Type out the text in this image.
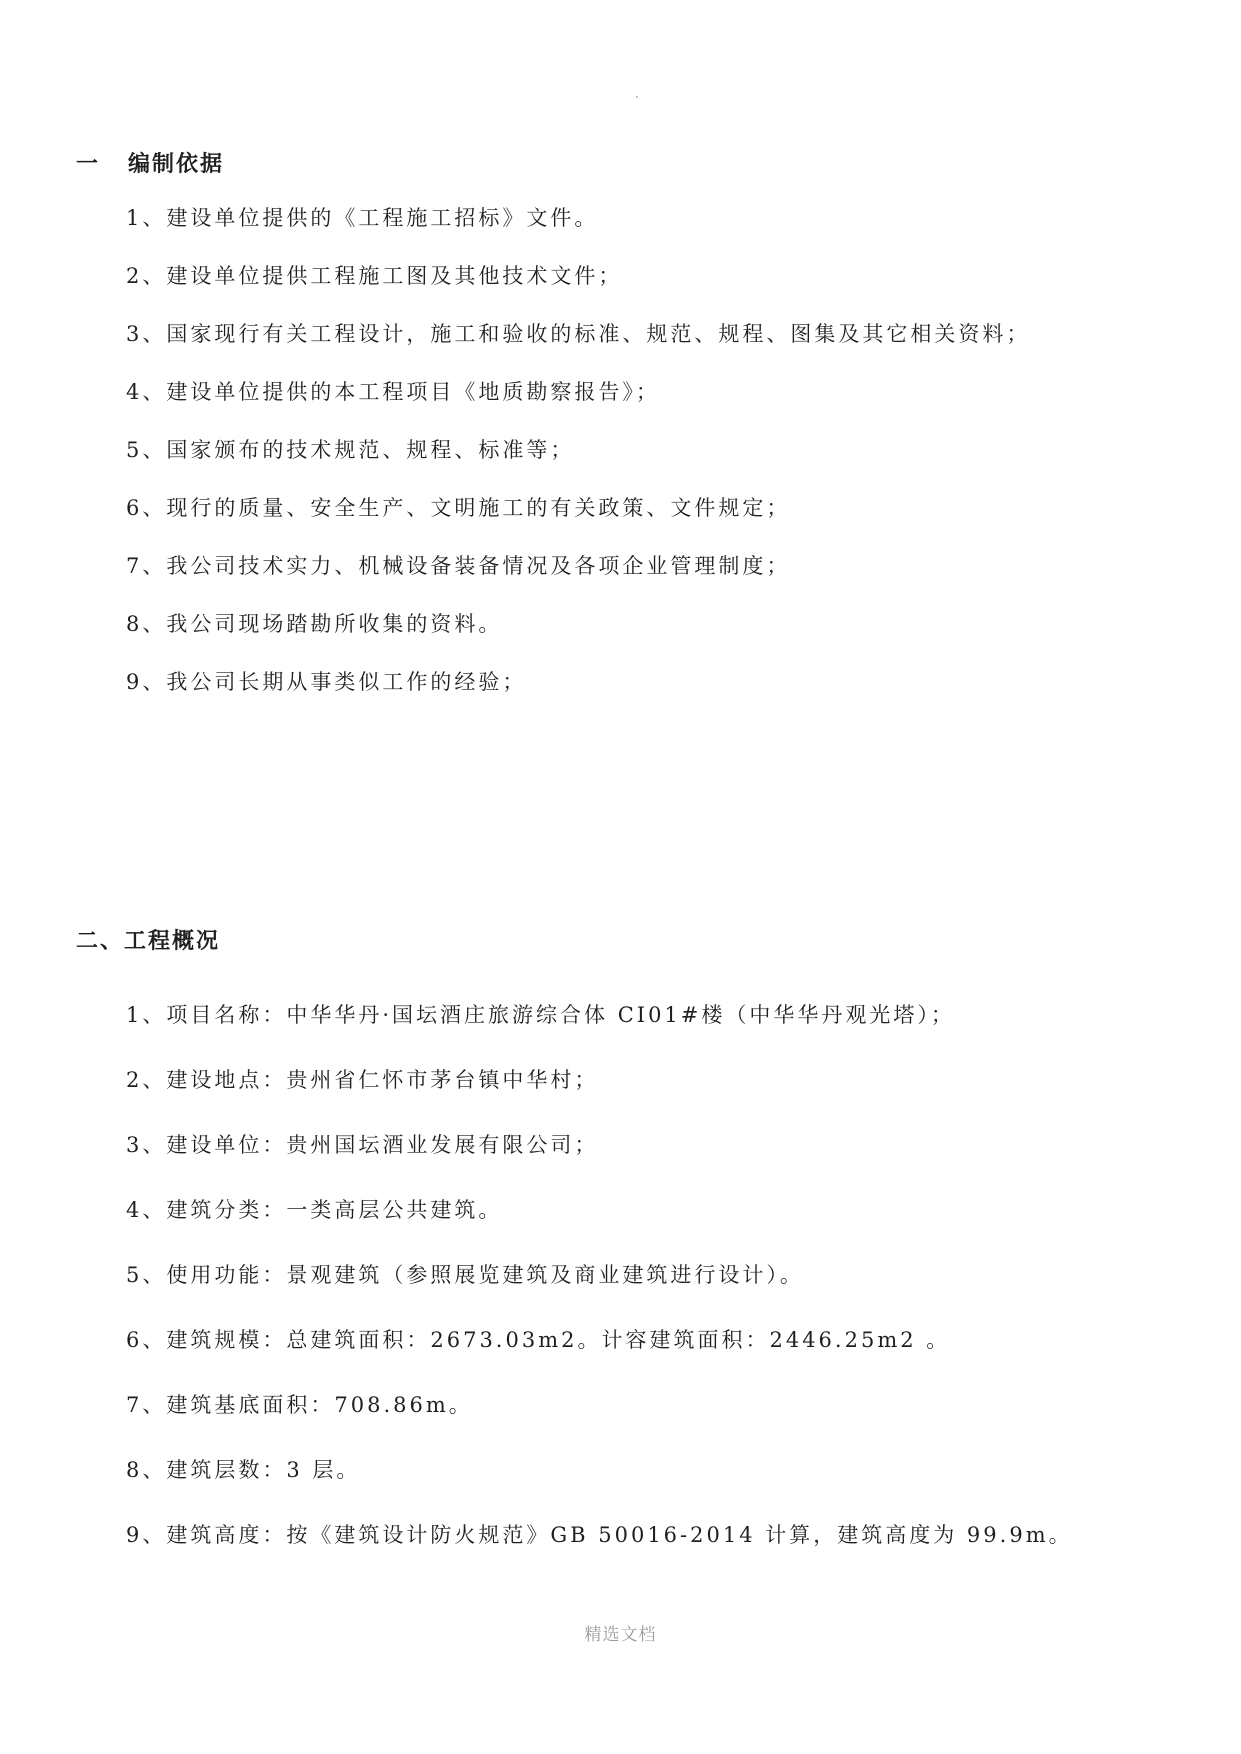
一 编制依据
1、建设单位提供的《工程施工招标》文件。
2、建设单位提供工程施工图及其他技术文件；
3、国家现行有关工程设计，施工和验收的标准、规范、规程、图集及其它相关资料；
4、建设单位提供的本工程项目《地质勘察报告》；
5、国家颁布的技术规范、规程、标准等；
6、现行的质量、安全生产、文明施工的有关政策、文件规定；
7、我公司技术实力、机械设备装备情况及各项企业管理制度；
8、我公司现场踏勘所收集的资料。
9、我公司长期从事类似工作的经验；
二、工程概况
1、项目名称：中华华丹·国坛酒庄旅游综合体 CI01#楼（中华华丹观光塔）；
2、建设地点：贵州省仁怀市茅台镇中华村；
3、建设单位：贵州国坛酒业发展有限公司；
4、建筑分类：一类高层公共建筑。
5、使用功能：景观建筑（参照展览建筑及商业建筑进行设计）。
6、建筑规模：总建筑面积：2673.03m2。计容建筑面积：2446.25m2 。
7、建筑基底面积：708.86m。
8、建筑层数：3 层。
9、建筑高度：按《建筑设计防火规范》GB 50016-2014 计算，建筑高度为 99.9m。
精选文档
